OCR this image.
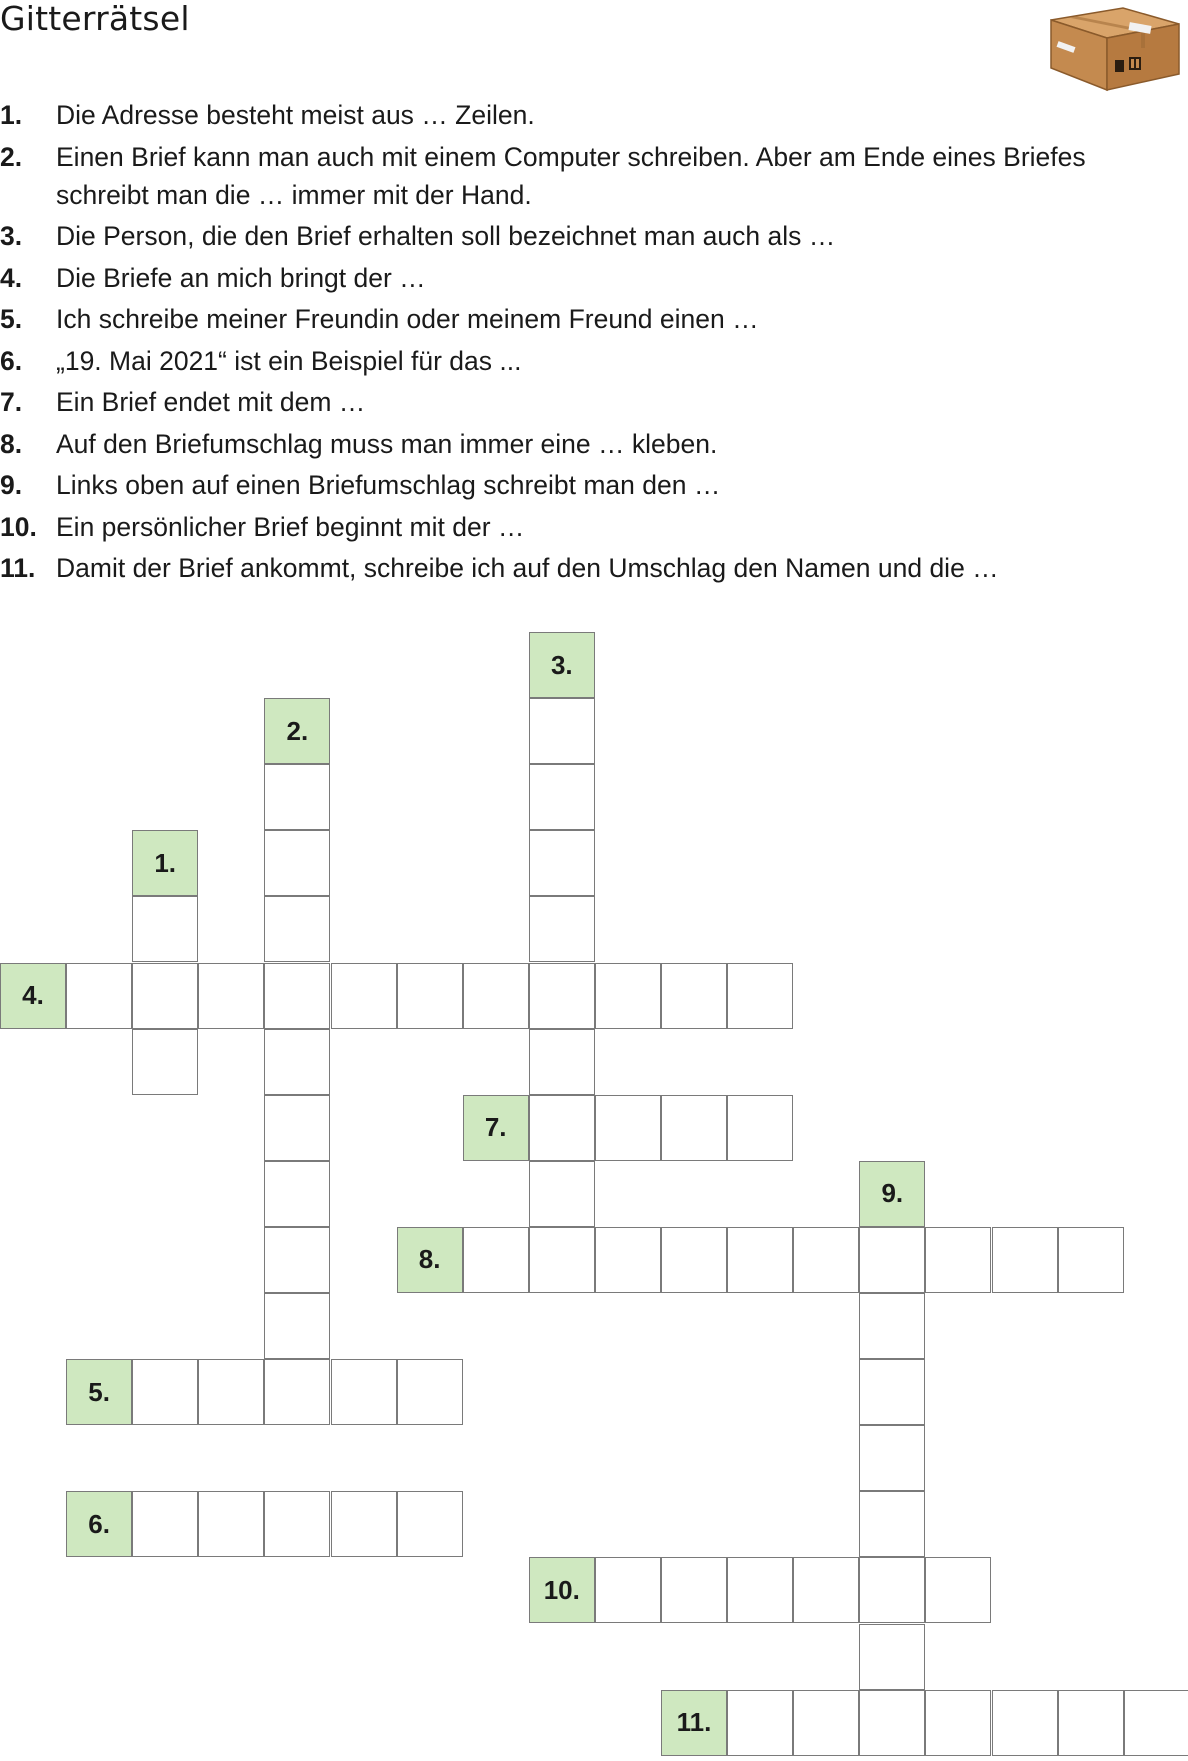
Gitterrätsel
1. Die Adresse besteht meist aus … Zeilen.
2. Einen Brief kann man auch mit einem Computer schreiben. Aber am Ende eines Briefes schreibt man die … immer mit der Hand.
3. Die Person, die den Brief erhalten soll bezeichnet man auch als …
4. Die Briefe an mich bringt der …
5. Ich schreibe meiner Freundin oder meinem Freund einen …
6. „19. Mai 2021“ ist ein Beispiel für das ...
7. Ein Brief endet mit dem …
8. Auf den Briefumschlag muss man immer eine … kleben.
9. Links oben auf einen Briefumschlag schreibt man den …
10. Ein persönlicher Brief beginnt mit der …
11. Damit der Brief ankommt, schreibe ich auf den Umschlag den Namen und die …
1.
2.
3.
4.
5.
6.
7.
8.
9.
10.
11.
